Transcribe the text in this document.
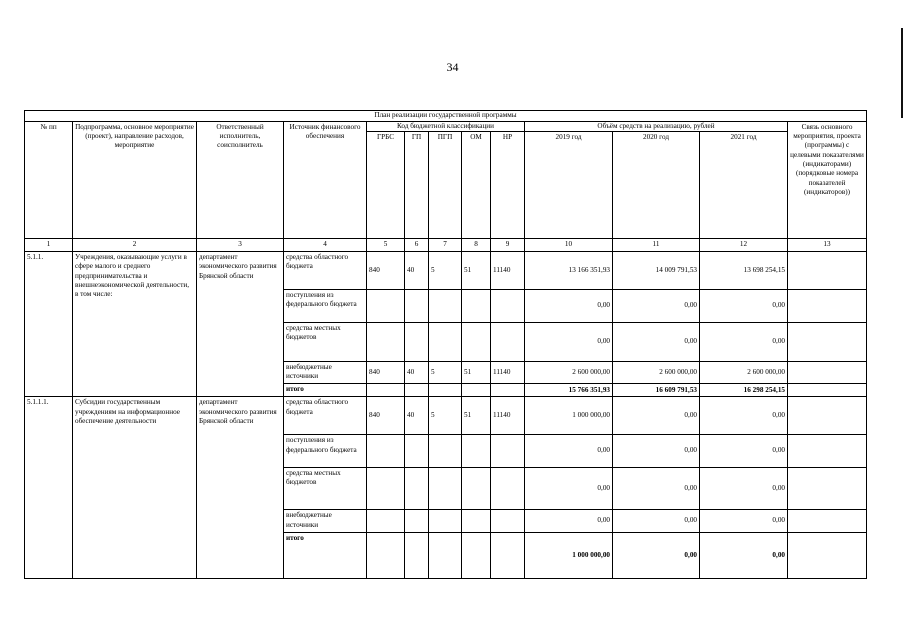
34
План реализации государственной программы												
№ пп	Подпрограмма, основное мероприятие (проект), направление расходов, мероприятие	Ответственный исполнитель, соисполнитель	Источник финансового обеспечения	Код бюджетной классификации					Объём средств на реализацию, рублей			Связь основного мероприятия, проекта (программы) с целевыми показателями (индикаторами) (порядковые номера показателей (индикаторов))
				ГРБС	ГП	ПГП	ОМ	НР	2019 год	2020 год	2021 год	
1	2	3	4	5	6	7	8	9	10	11	12	13
5.1.1.	Учреждения, оказывающие услуги в сфере малого и среднего предпринимательства и внешнеэкономической деятельности, в том числе:	департамент экономического развития Брянской области	средства областного бюджета	840	40	5	51	11140	13 166 351,93	14 009 791,53	13 698 254,15	
			поступления из федерального бюджета						0,00	0,00	0,00	
			средства местных бюджетов						0,00	0,00	0,00	
			внебюджетные источники	840	40	5	51	11140	2 600 000,00	2 600 000,00	2 600 000,00	
			итого						15 766 351,93	16 609 791,53	16 298 254,15	
5.1.1.1.	Субсидии государственным учреждениям на информационное обеспечение деятельности	департамент экономического развития Брянской области	средства областного бюджета	840	40	5	51	11140	1 000 000,00	0,00	0,00	
			поступления из федерального бюджета						0,00	0,00	0,00	
			средства местных бюджетов						0,00	0,00	0,00	
			внебюджетные источники						0,00	0,00	0,00	
			итого						1 000 000,00	0,00	0,00	
